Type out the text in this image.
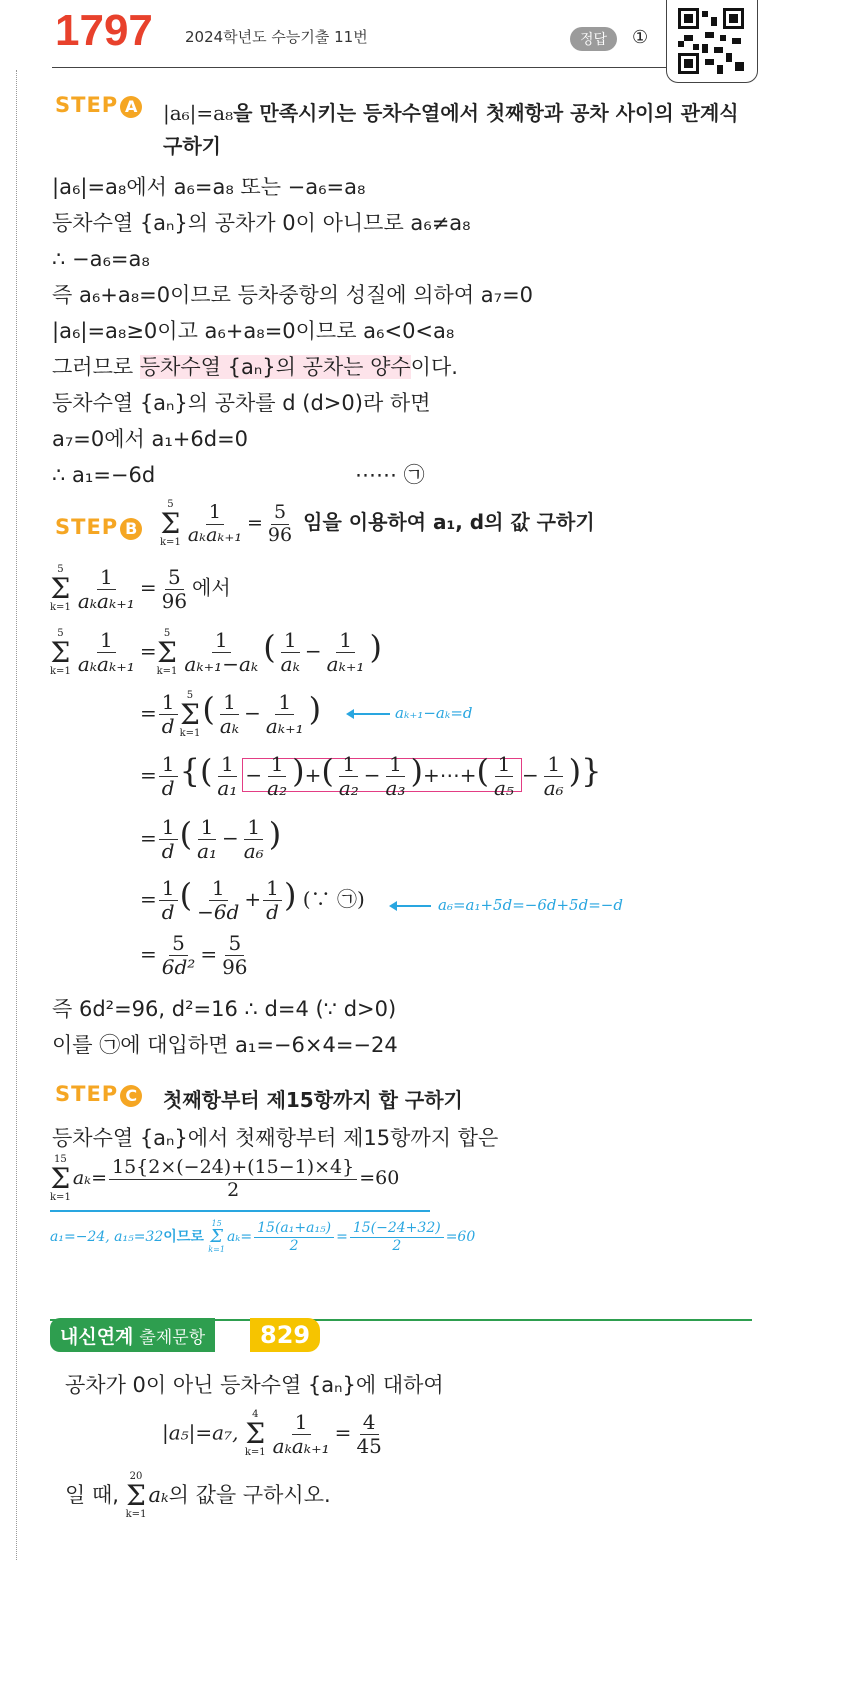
1797 2024학년도 수능기출 11번	정답	①
STEP A |a₆|=a₈을 만족시키는 등차수열에서 첫째항과 공차 사이의 관계식
구하기
|a₆|=a₈에서 a₆=a₈ 또는 −a₆=a₈
등차수열 {aₙ}의 공차가 0이 아니므로 a₆≠a₈
∴ −a₆=a₈
즉 a₆+a₈=0이므로 등차중항의 성질에 의하여 a₇=0
|a₆|=a₈≥0이고 a₆+a₈=0이므로 a₆<0<a₈
그러므로 등차수열 {aₙ}의 공차는 양수이다.
등차수열 {aₙ}의 공차를 d (d>0)라 하면
a₇=0에서 a₁+6d=0
∴ a₁=−6d	⋯⋯ ㉠
STEP B
5
Σ
$k=1 \frac{1}{\text{aₖaₖ₊₁}} = \frac{5}{96}$ 임을 이용하여 a₁, d의 값 구하기
5
Σ
$k=1 \frac{1}{\text{aₖaₖ₊₁}} = \frac{5}{96}$ 에서
5
Σ
$k=1 \frac{1}{\text{aₖaₖ₊₁}}$ =
5
Σ
$k=1 \frac{1}{\text{aₖ₊₁−aₖ}}$ ( $\frac{1}{\text{aₖ}} - \frac{1}{\text{aₖ₊₁}}$ )
= $\frac{1}{d} 5$
Σ
k=1
( $\frac{1}{\text{aₖ}} - \frac{1}{\text{aₖ₊₁}}$ )	aₖ₊₁−aₖ=d
= $\frac{1}{d}$ {( $\frac{1}{\text{a₁}} - \frac{1}{\text{a₂}}$ )+( $\frac{1}{\text{a₂}} - \frac{1}{\text{a₃}}$ )+⋯+( $\frac{1}{\text{a₅}} - \frac{1}{\text{a₆}}$ )}
= $\frac{1}{d}$ ( $\frac{1}{\text{a₁}} - \frac{1}{\text{a₆}}$ )
= $\frac{1}{d}$ ( $\frac{1}{-6d} + \frac{1}{d}$ ) (∵ ㉠)	a₆=a₁+5d=−6d+5d=−d
= $\frac{5}{\text{6d²}} = \frac{5}{96}$
즉 6d²=96, d²=16 ∴ d=4 (∵ d>0)
이를 ㉠에 대입하면 a₁=−6×4=−24
STEP C 첫째항부터 제15항까지 합 구하기
등차수열 {aₙ}에서 첫째항부터 제15항까지 합은
15
Σ
k=1
$a_k= \frac{15\{2\times(-24)+(15-1)\times 4\}}{2} =60$
a₁=−24, a₁₅=32이므로
15
Σ
k=1
$a_k= \frac{\text{15(a₁+a₁₅)}}{2} = \frac{15(-24+32)}{2} =60$
내신연계 출제문항	829
공차가 0이 아닌 등차수열 {aₙ}에 대하여
|a₅|=a₇,
4
Σ
$k=1 \frac{1}{\text{aₖaₖ₊₁}} = \frac{4}{45}$
일 때,
20
Σ
k=1
aₖ의 값을 구하시오.
